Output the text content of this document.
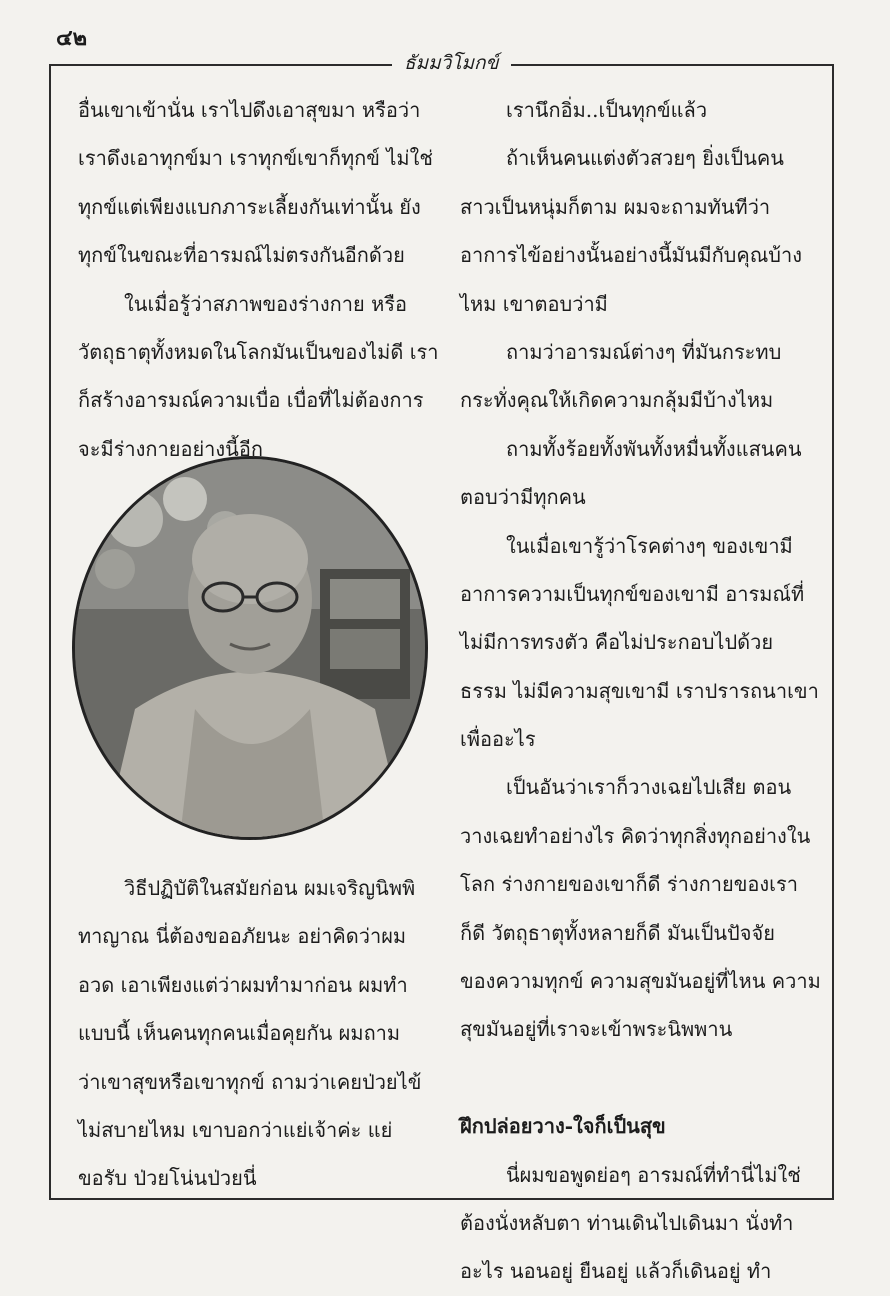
๔๒
ธัมมวิโมกข์
อื่นเขาเข้านั่น เราไปดึงเอาสุขมา หรือว่า
เราดึงเอาทุกข์มา เราทุกข์เขาก็ทุกข์ ไม่ใช่
ทุกข์แต่เพียงแบกภาระเลี้ยงกันเท่านั้น ยัง
ทุกข์ในขณะที่อารมณ์ไม่ตรงกันอีกด้วย
ในเมื่อรู้ว่าสภาพของร่างกาย หรือ
วัตถุธาตุทั้งหมดในโลกมันเป็นของไม่ดี เรา
ก็สร้างอารมณ์ความเบื่อ เบื่อที่ไม่ต้องการ
จะมีร่างกายอย่างนี้อีก
วิธีปฏิบัติในสมัยก่อน ผมเจริญนิพพิ
ทาญาณ นี่ต้องขออภัยนะ อย่าคิดว่าผม
อวด เอาเพียงแต่ว่าผมทำมาก่อน ผมทำ
แบบนี้ เห็นคนทุกคนเมื่อคุยกัน ผมถาม
ว่าเขาสุขหรือเขาทุกข์ ถามว่าเคยป่วยไข้
ไม่สบายไหม เขาบอกว่าแย่เจ้าค่ะ แย่
ขอรับ ป่วยโน่นป่วยนี่
เรานึกอิ่ม..เป็นทุกข์แล้ว
ถ้าเห็นคนแต่งตัวสวยๆ ยิ่งเป็นคน
สาวเป็นหนุ่มก็ตาม ผมจะถามทันทีว่า
อาการไข้อย่างนั้นอย่างนี้มันมีกับคุณบ้าง
ไหม เขาตอบว่ามี
ถามว่าอารมณ์ต่างๆ ที่มันกระทบ
กระทั่งคุณให้เกิดความกลุ้มมีบ้างไหม
ถามทั้งร้อยทั้งพันทั้งหมื่นทั้งแสนคน
ตอบว่ามีทุกคน
ในเมื่อเขารู้ว่าโรคต่างๆ ของเขามี
อาการความเป็นทุกข์ของเขามี อารมณ์ที่
ไม่มีการทรงตัว คือไม่ประกอบไปด้วย
ธรรม ไม่มีความสุขเขามี เราปรารถนาเขา
เพื่ออะไร
เป็นอันว่าเราก็วางเฉยไปเสีย ตอน
วางเฉยทำอย่างไร คิดว่าทุกสิ่งทุกอย่างใน
โลก ร่างกายของเขาก็ดี ร่างกายของเรา
ก็ดี วัตถุธาตุทั้งหลายก็ดี มันเป็นปัจจัย
ของความทุกข์ ความสุขมันอยู่ที่ไหน ความ
สุขมันอยู่ที่เราจะเข้าพระนิพพาน
ฝึกปล่อยวาง-ใจก็เป็นสุข
นี่ผมขอพูดย่อๆ อารมณ์ที่ทำนี่ไม่ใช่
ต้องนั่งหลับตา ท่านเดินไปเดินมา นั่งทำ
อะไร นอนอยู่ ยืนอยู่ แล้วก็เดินอยู่ ทำ
